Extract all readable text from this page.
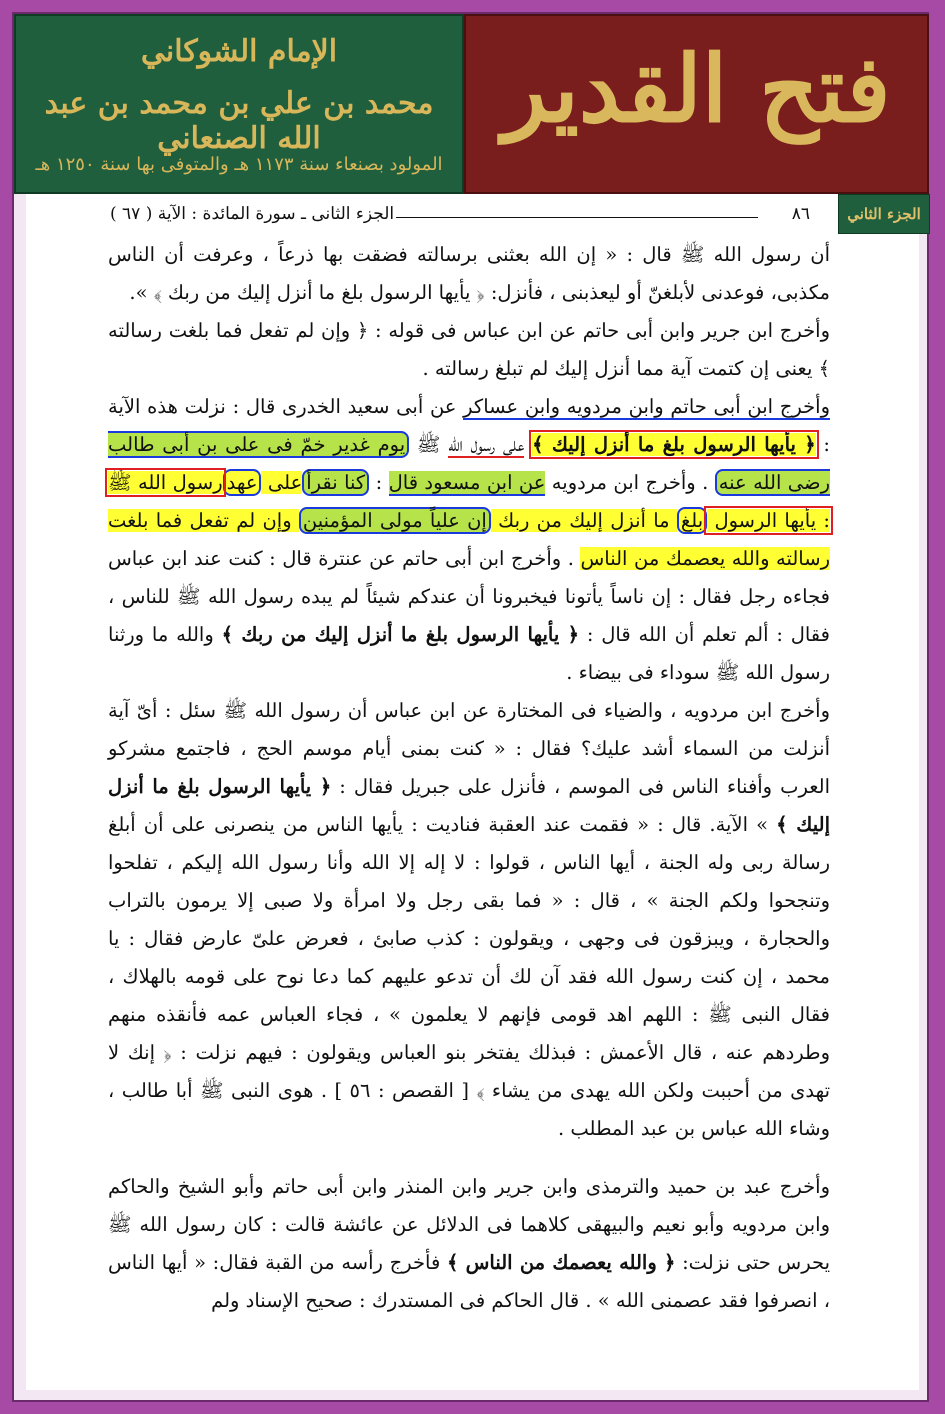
الإمام الشوكاني
محمد بن علي بن محمد بن عبد الله الصنعاني
المولود بصنعاء سنة ١١٧٣ هـ والمتوفى بها سنة ١٢٥٠ هـ
فتح القدير
الجزء الثاني
٨٦
الجزء الثانى ـ سورة المائدة : الآية ( ٦٧ )

أن رسول الله ﷺ قال : « إن الله بعثنى برسالته فضقت بها ذرعاً ، وعرفت أن الناس مكذبى، فوعدنى لأبلغنّ أو ليعذبنى ، فأنزل: ﴿ يأيها الرسول بلغ ما أنزل إليك من ربك ﴾ ».

وأخرج ابن جرير وابن أبى حاتم عن ابن عباس فى قوله : ﴿ وإن لم تفعل فما بلغت رسالته ﴾ يعنى إن كتمت آية مما أنزل إليك لم تبلغ رسالته .

وأخرج ابن أبى حاتم وابن مردويه وابن عساكر عن أبى سعيد الخدرى قال : نزلت هذه الآية : ﴿ يأيها الرسول بلغ ما أنزل إليك ﴾ على رسول الله ﷺ يوم غدير خمّ فى على بن أبى طالب رضى الله عنه . وأخرج ابن مردويه عن ابن مسعود قال : كنا نقرأعلى عهدرسول الله ﷺ : يأيها الرسول بلغ ما أنزل إليك من ربك إن علياً مولى المؤمنين وإن لم تفعل فما بلغت رسالته والله يعصمك من الناس . وأخرج ابن أبى حاتم عن عنترة قال : كنت عند ابن عباس فجاءه رجل فقال : إن ناساً يأتونا فيخبرونا أن عندكم شيئاً لم يبده رسول الله ﷺ للناس ، فقال : ألم تعلم أن الله قال : ﴿ يأيها الرسول بلغ ما أنزل إليك من ربك ﴾ والله ما ورثنا رسول الله ﷺ سوداء فى بيضاء .

وأخرج ابن مردويه ، والضياء فى المختارة عن ابن عباس أن رسول الله ﷺ سئل : أىّ آية أنزلت من السماء أشد عليك؟ فقال : « كنت بمنى أيام موسم الحج ، فاجتمع مشركو العرب وأفناء الناس فى الموسم ، فأنزل على جبريل فقال : ﴿ يأيها الرسول بلغ ما أنزل إليك ﴾ » الآية. قال : « فقمت عند العقبة فناديت : يأيها الناس من ينصرنى على أن أبلغ رسالة ربى وله الجنة ، أيها الناس ، قولوا : لا إله إلا الله وأنا رسول الله إليكم ، تفلحوا وتنجحوا ولكم الجنة » ، قال : « فما بقى رجل ولا امرأة ولا صبى إلا يرمون بالتراب والحجارة ، ويبزقون فى وجهى ، ويقولون : كذب صابئ ، فعرض علىّ عارض فقال : يا محمد ، إن كنت رسول الله فقد آن لك أن تدعو عليهم كما دعا نوح على قومه بالهلاك ، فقال النبى ﷺ : اللهم اهد قومى فإنهم لا يعلمون » ، فجاء العباس عمه فأنقذه منهم وطردهم عنه ، قال الأعمش : فبذلك يفتخر بنو العباس ويقولون : فيهم نزلت : ﴿ إنك لا تهدى من أحببت ولكن الله يهدى من يشاء ﴾ [ القصص : ٥٦ ] . هوى النبى ﷺ أبا طالب ، وشاء الله عباس بن عبد المطلب .

وأخرج عبد بن حميد والترمذى وابن جرير وابن المنذر وابن أبى حاتم وأبو الشيخ والحاكم وابن مردويه وأبو نعيم والبيهقى كلاهما فى الدلائل عن عائشة قالت : كان رسول الله ﷺ يحرس حتى نزلت: ﴿ والله يعصمك من الناس ﴾ فأخرج رأسه من القبة فقال: « أيها الناس ، انصرفوا فقد عصمنى الله » . قال الحاكم فى المستدرك : صحيح الإسناد ولم
